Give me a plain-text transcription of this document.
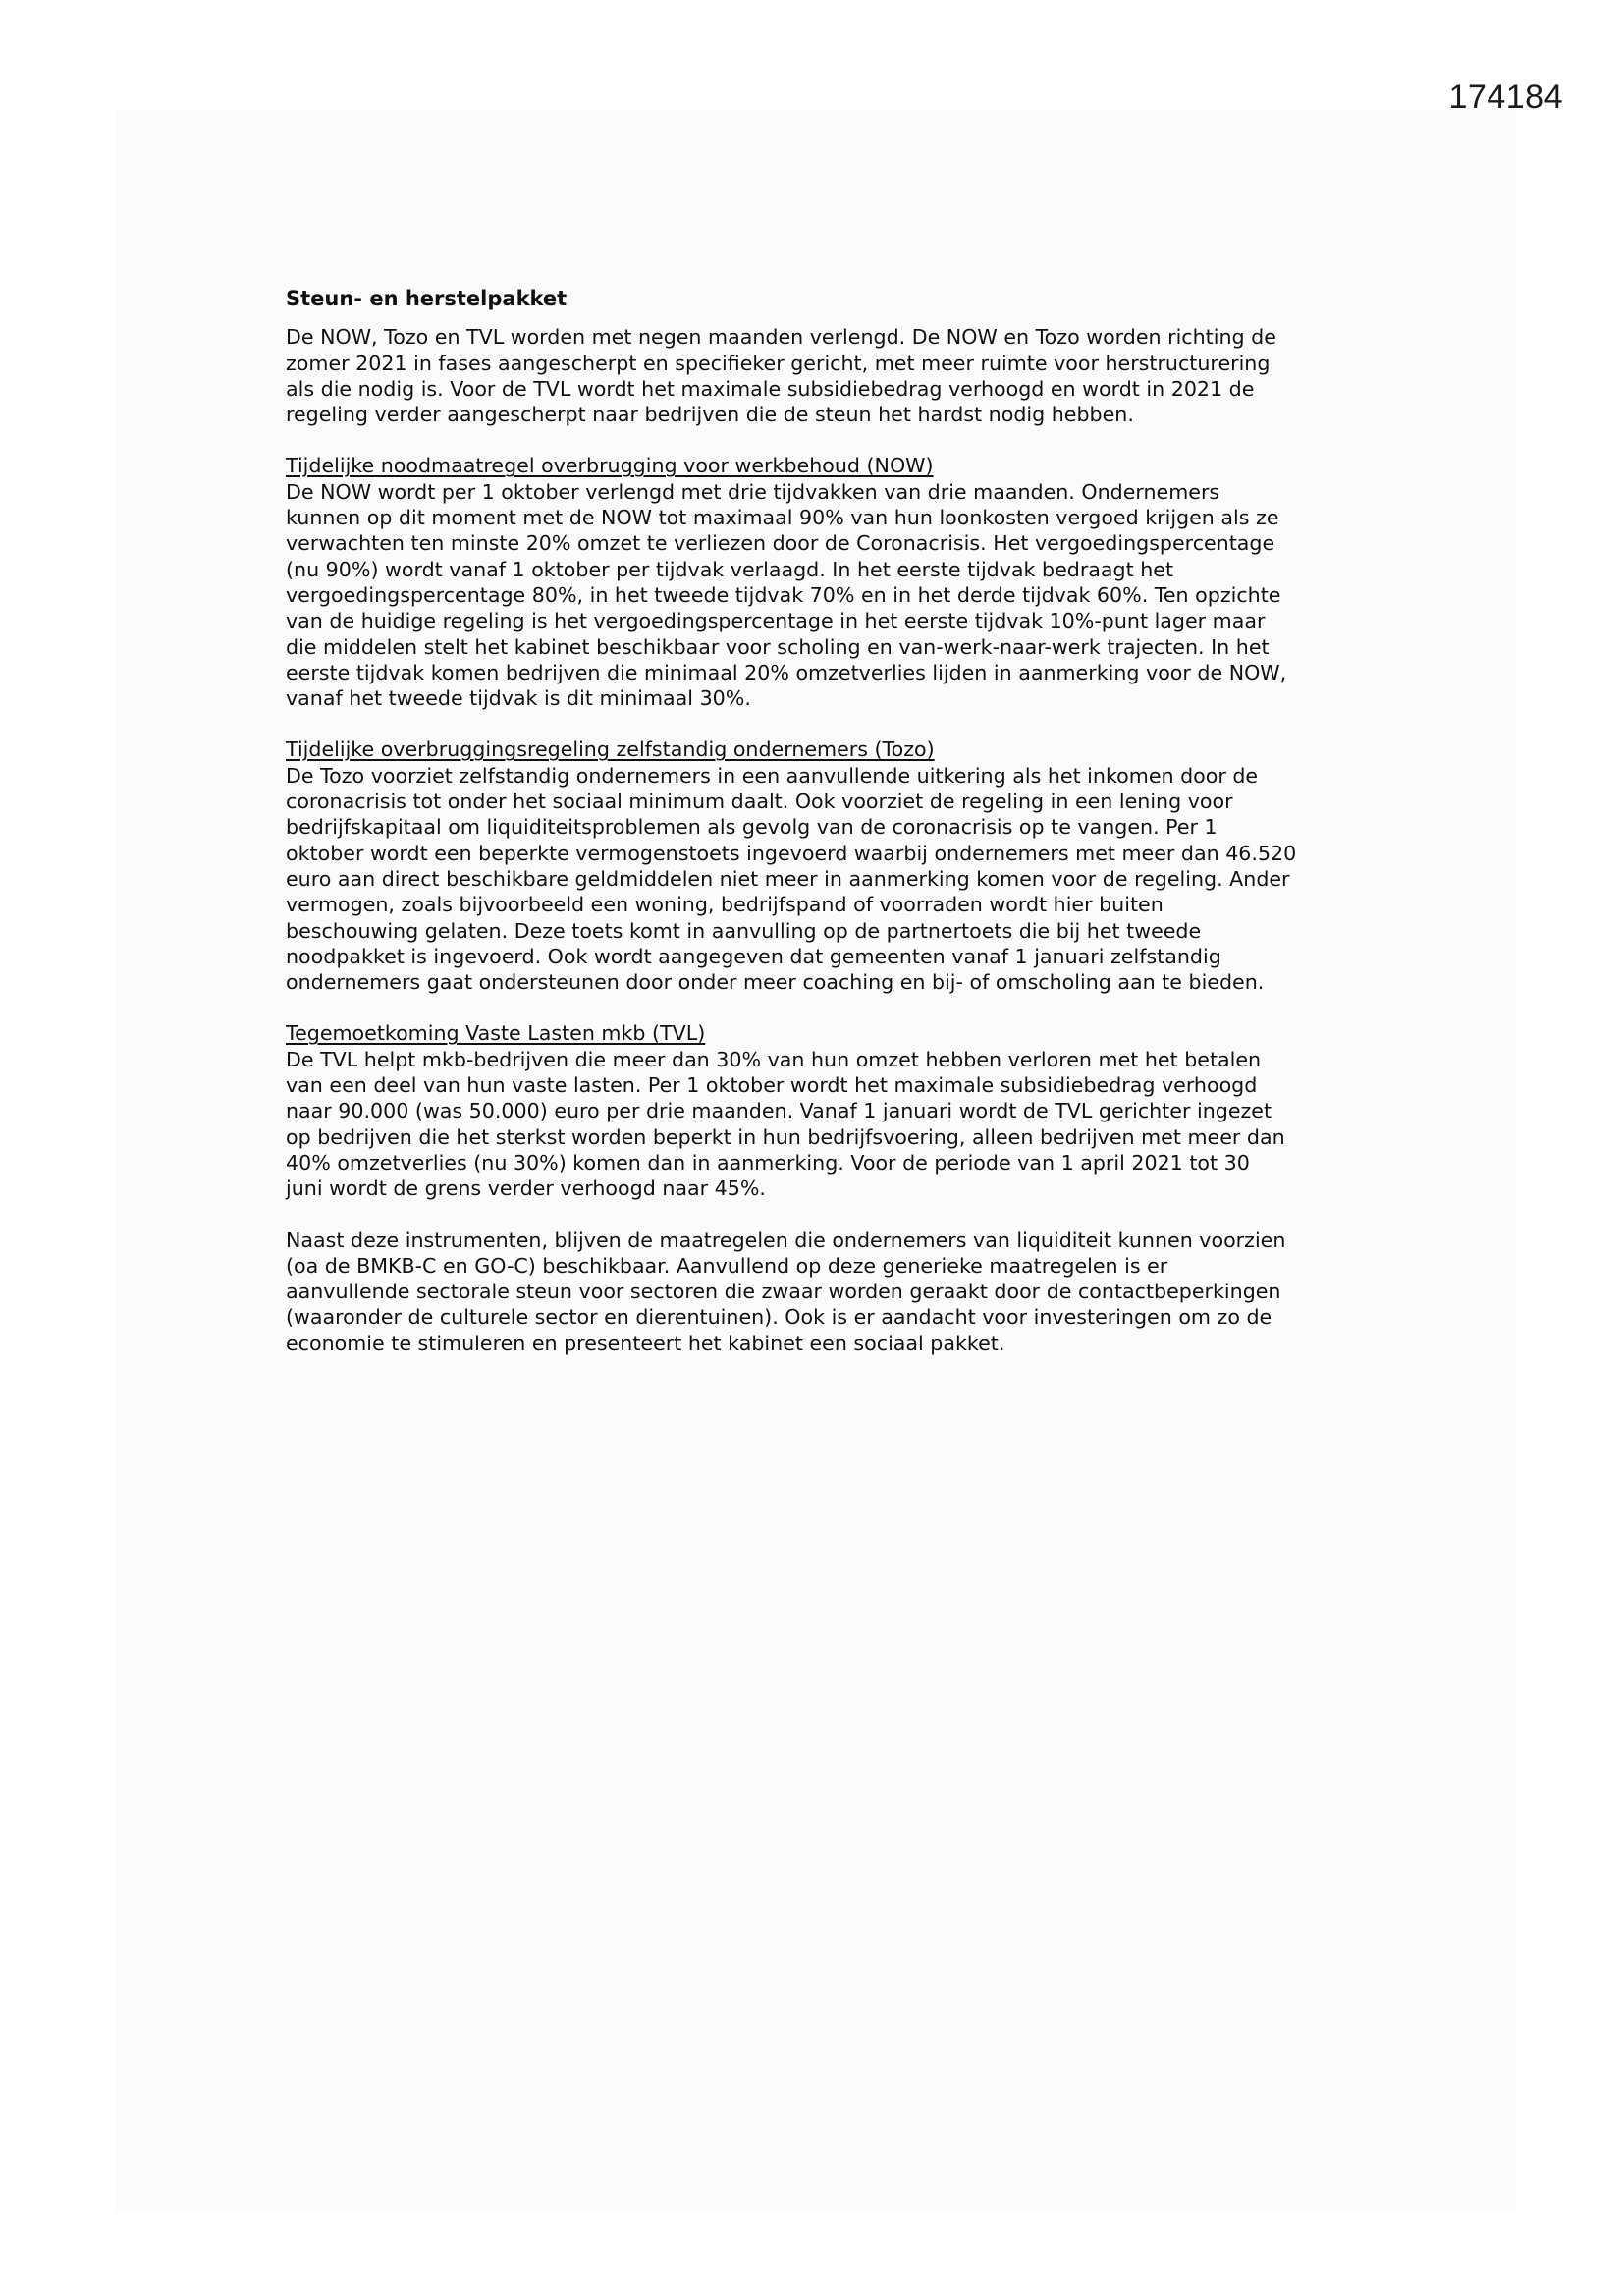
174184
Steun- en herstelpakket
De NOW, Tozo en TVL worden met negen maanden verlengd. De NOW en Tozo worden richting de
zomer 2021 in fases aangescherpt en specifieker gericht, met meer ruimte voor herstructurering
als die nodig is. Voor de TVL wordt het maximale subsidiebedrag verhoogd en wordt in 2021 de
regeling verder aangescherpt naar bedrijven die de steun het hardst nodig hebben.
Tijdelijke noodmaatregel overbrugging voor werkbehoud (NOW)
De NOW wordt per 1 oktober verlengd met drie tijdvakken van drie maanden. Ondernemers
kunnen op dit moment met de NOW tot maximaal 90% van hun loonkosten vergoed krijgen als ze
verwachten ten minste 20% omzet te verliezen door de Coronacrisis. Het vergoedingspercentage
(nu 90%) wordt vanaf 1 oktober per tijdvak verlaagd. In het eerste tijdvak bedraagt het
vergoedingspercentage 80%, in het tweede tijdvak 70% en in het derde tijdvak 60%. Ten opzichte
van de huidige regeling is het vergoedingspercentage in het eerste tijdvak 10%-punt lager maar
die middelen stelt het kabinet beschikbaar voor scholing en van-werk-naar-werk trajecten. In het
eerste tijdvak komen bedrijven die minimaal 20% omzetverlies lijden in aanmerking voor de NOW,
vanaf het tweede tijdvak is dit minimaal 30%.
Tijdelijke overbruggingsregeling zelfstandig ondernemers (Tozo)
De Tozo voorziet zelfstandig ondernemers in een aanvullende uitkering als het inkomen door de
coronacrisis tot onder het sociaal minimum daalt. Ook voorziet de regeling in een lening voor
bedrijfskapitaal om liquiditeitsproblemen als gevolg van de coronacrisis op te vangen. Per 1
oktober wordt een beperkte vermogenstoets ingevoerd waarbij ondernemers met meer dan 46.520
euro aan direct beschikbare geldmiddelen niet meer in aanmerking komen voor de regeling. Ander
vermogen, zoals bijvoorbeeld een woning, bedrijfspand of voorraden wordt hier buiten
beschouwing gelaten. Deze toets komt in aanvulling op de partnertoets die bij het tweede
noodpakket is ingevoerd. Ook wordt aangegeven dat gemeenten vanaf 1 januari zelfstandig
ondernemers gaat ondersteunen door onder meer coaching en bij- of omscholing aan te bieden.
Tegemoetkoming Vaste Lasten mkb (TVL)
De TVL helpt mkb-bedrijven die meer dan 30% van hun omzet hebben verloren met het betalen
van een deel van hun vaste lasten. Per 1 oktober wordt het maximale subsidiebedrag verhoogd
naar 90.000 (was 50.000) euro per drie maanden. Vanaf 1 januari wordt de TVL gerichter ingezet
op bedrijven die het sterkst worden beperkt in hun bedrijfsvoering, alleen bedrijven met meer dan
40% omzetverlies (nu 30%) komen dan in aanmerking. Voor de periode van 1 april 2021 tot 30
juni wordt de grens verder verhoogd naar 45%.
Naast deze instrumenten, blijven de maatregelen die ondernemers van liquiditeit kunnen voorzien
(oa de BMKB-C en GO-C) beschikbaar. Aanvullend op deze generieke maatregelen is er
aanvullende sectorale steun voor sectoren die zwaar worden geraakt door de contactbeperkingen
(waaronder de culturele sector en dierentuinen). Ook is er aandacht voor investeringen om zo de
economie te stimuleren en presenteert het kabinet een sociaal pakket.
